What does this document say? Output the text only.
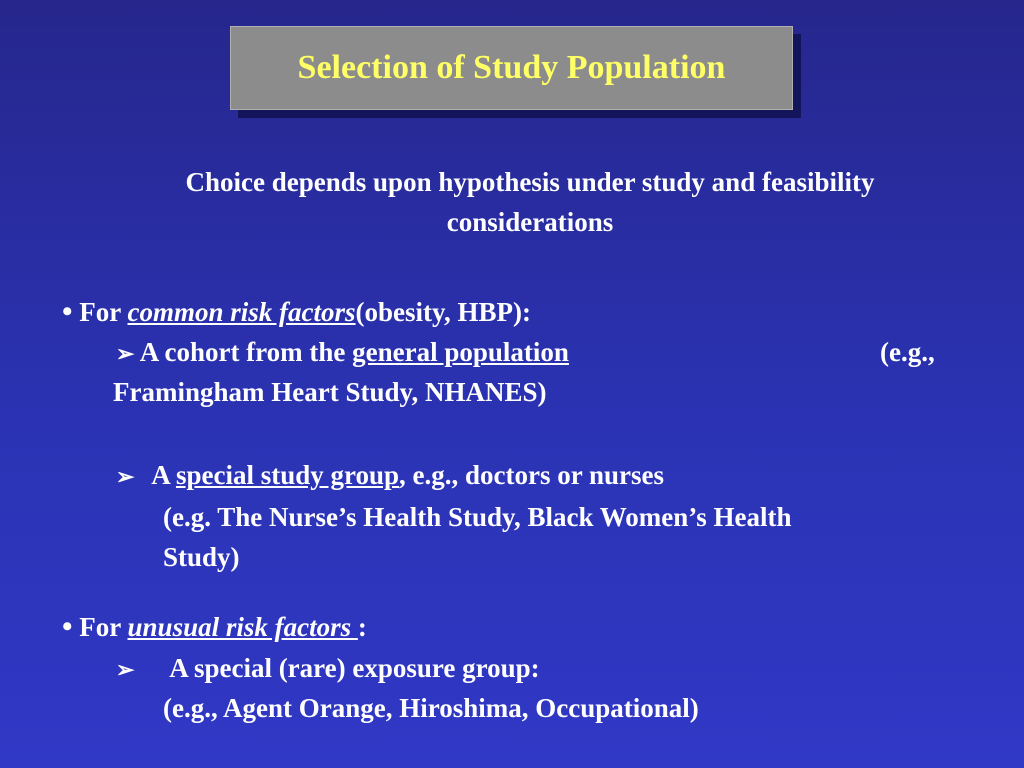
Selection of Study Population
Choice depends upon hypothesis under study and feasibility
considerations
• For common risk factors(obesity, HBP):
➢ A cohort from the general population	(e.g.,
Framingham Heart Study, NHANES)
➢ A special study group, e.g., doctors or nurses
(e.g. The Nurse’s Health Study, Black Women’s Health
Study)
• For unusual risk factors :
➢ A special (rare) exposure group:
(e.g., Agent Orange, Hiroshima, Occupational)
